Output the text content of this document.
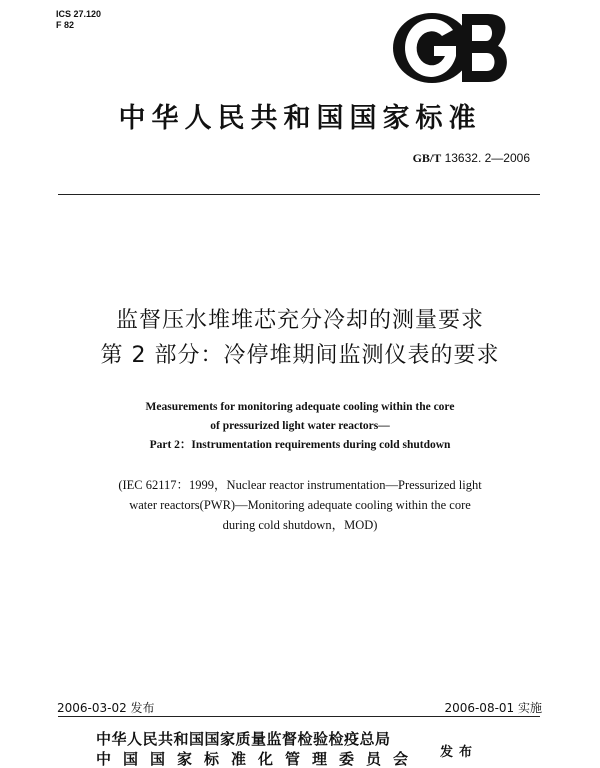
ICS 27.120
F 82
中华人民共和国国家标准
GB/T 13632. 2—2006
监督压水堆堆芯充分冷却的测量要求
第 2 部分：冷停堆期间监测仪表的要求
Measurements for monitoring adequate cooling within the core
of pressurized light water reactors—
Part 2：Instrumentation requirements during cold shutdown
(IEC 62117：1999，Nuclear reactor instrumentation—Pressurized light
water reactors(PWR)—Monitoring adequate cooling within the core
during cold shutdown，MOD)
2006-03-02 发布	2006-08-01 实施
中华人民共和国国家质量监督检验检疫总局
中国国家标准化管理委员会 发布
